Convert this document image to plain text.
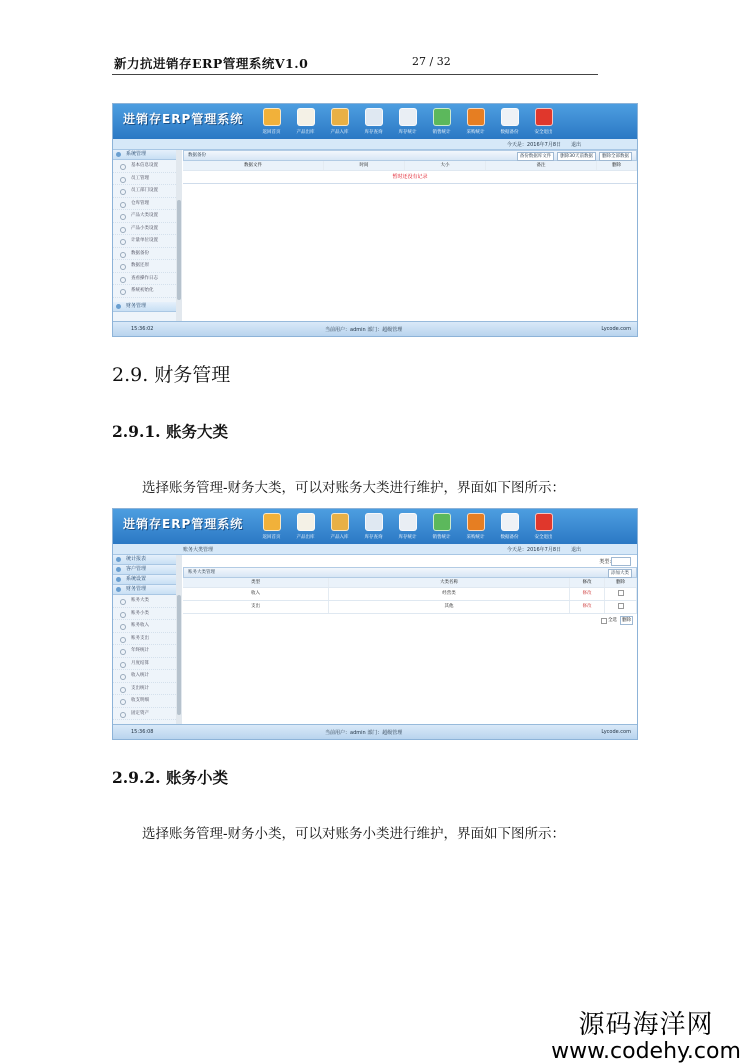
新力抗进销存ERP管理系统V1.0	27 / 32
进销存ERP管理系统
返回首页	产品出库	产品入库	库存查询	库存统计	销售统计	采购统计	数据备份	安全退出
今天是：2016年7月8日 退出
系统管理
基本信息设置
员工管理
员工部门设置
仓库管理
产品大类设置
产品小类设置
计量单位设置
数据备份
数据还原
查看操作日志
系统初始化
财务管理
数据备份	备份数据库文件	删除30天前数据	删除全部数据
数据文件	时间	大小	备注	删除
暂时还没有记录
15:36:02	当前用户：admin 部门：超级管理	Lycode.com
2.9. 财务管理
2.9.1. 账务大类
选择账务管理-财务大类，可以对账务大类进行维护，界面如下图所示：
进销存ERP管理系统
返回首页	产品出库	产品入库	库存查询	库存统计	销售统计	采购统计	数据备份	安全退出
账务大类管理	今天是：2016年7月8日 退出
统计报表
客户管理
系统设置
财务管理
账务大类
账务小类
账务收入
账务支出
年终统计
月度结算
收入统计
支出统计
收支明细
固定资产
类型:
账务大类管理	添加大类
类型	大类名称	修改	删除
收入	经营类	修改
支出	其他	修改
全选	删除
15:36:08	当前用户：admin 部门：超级管理	Lycode.com
2.9.2. 账务小类
选择账务管理-财务小类，可以对账务小类进行维护，界面如下图所示：
源码海洋网
www.codehy.com
